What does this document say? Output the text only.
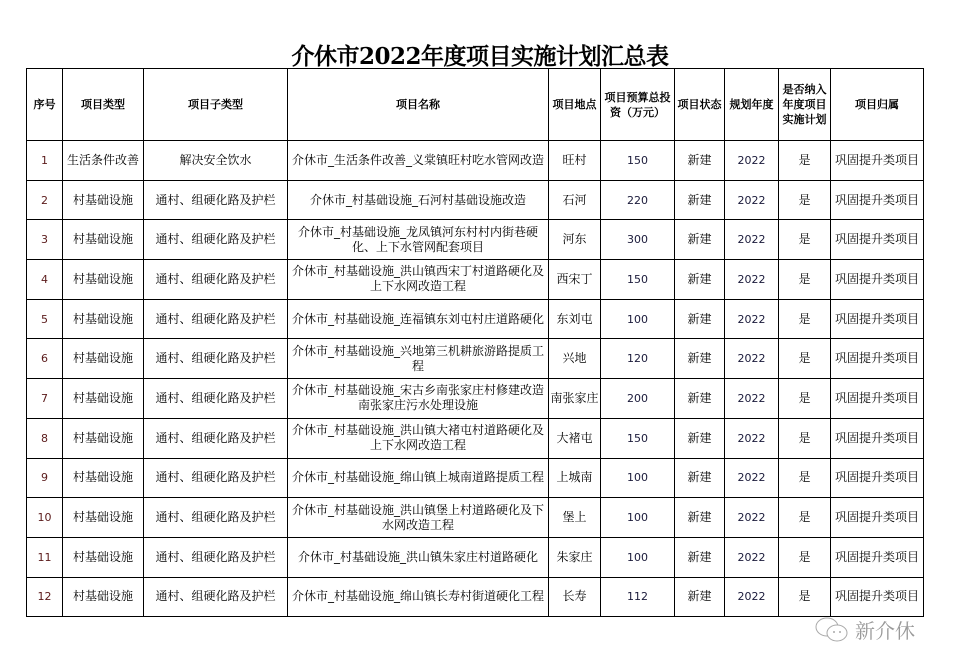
介休市2022年度项目实施计划汇总表
序号	项目类型	项目子类型	项目名称	项目地点	项目预算总投资（万元）	项目状态	规划年度	是否纳入年度项目实施计划	项目归属
1	生活条件改善	解决安全饮水	介休市_生活条件改善_义棠镇旺村吃水管网改造	旺村	150	新建	2022	是	巩固提升类项目
2	村基础设施	通村、组硬化路及护栏	介休市_村基础设施_石河村基础设施改造	石河	220	新建	2022	是	巩固提升类项目
3	村基础设施	通村、组硬化路及护栏	介休市_村基础设施_龙凤镇河东村村内街巷硬化、上下水管网配套项目	河东	300	新建	2022	是	巩固提升类项目
4	村基础设施	通村、组硬化路及护栏	介休市_村基础设施_洪山镇西宋丁村道路硬化及上下水网改造工程	西宋丁	150	新建	2022	是	巩固提升类项目
5	村基础设施	通村、组硬化路及护栏	介休市_村基础设施_连福镇东刘屯村庄道路硬化	东刘屯	100	新建	2022	是	巩固提升类项目
6	村基础设施	通村、组硬化路及护栏	介休市_村基础设施_兴地第三机耕旅游路提质工程	兴地	120	新建	2022	是	巩固提升类项目
7	村基础设施	通村、组硬化路及护栏	介休市_村基础设施_宋古乡南张家庄村修建改造南张家庄污水处理设施	南张家庄	200	新建	2022	是	巩固提升类项目
8	村基础设施	通村、组硬化路及护栏	介休市_村基础设施_洪山镇大褚屯村道路硬化及上下水网改造工程	大褚屯	150	新建	2022	是	巩固提升类项目
9	村基础设施	通村、组硬化路及护栏	介休市_村基础设施_绵山镇上城南道路提质工程	上城南	100	新建	2022	是	巩固提升类项目
10	村基础设施	通村、组硬化路及护栏	介休市_村基础设施_洪山镇堡上村道路硬化及下水网改造工程	堡上	100	新建	2022	是	巩固提升类项目
11	村基础设施	通村、组硬化路及护栏	介休市_村基础设施_洪山镇朱家庄村道路硬化	朱家庄	100	新建	2022	是	巩固提升类项目
12	村基础设施	通村、组硬化路及护栏	介休市_村基础设施_绵山镇长寿村街道硬化工程	长寿	112	新建	2022	是	巩固提升类项目
新介休
